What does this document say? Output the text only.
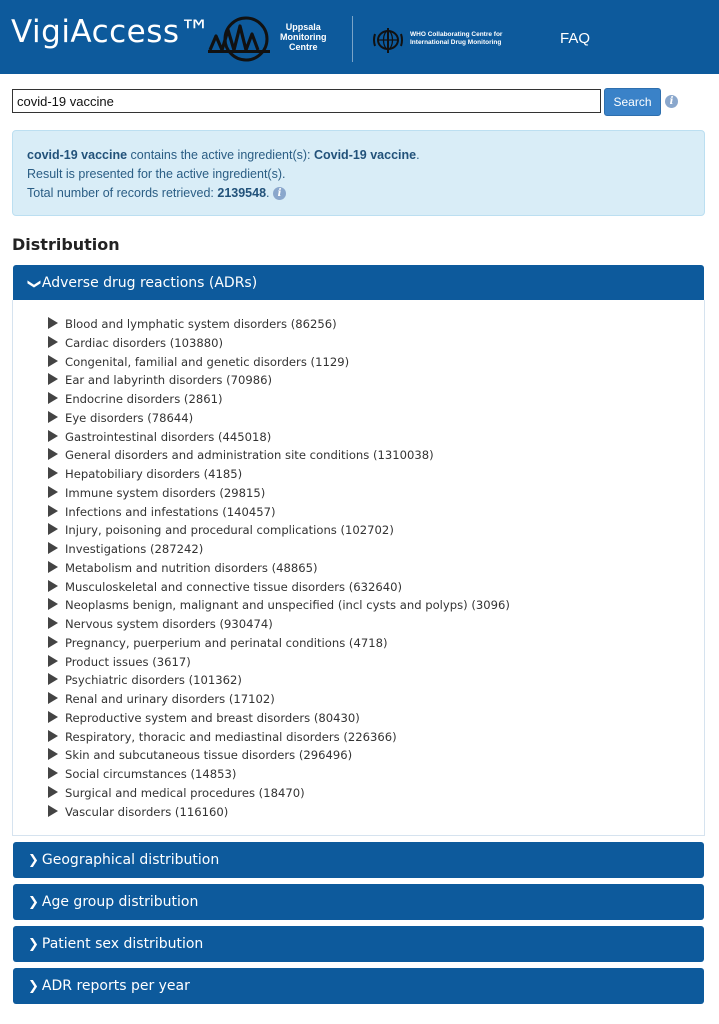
VigiAccess™	Uppsala
Monitoring
Centre
WHO Collaborating Centre for
International Drug Monitoring	FAQ
covid-19 vaccine
Search	i
covid-19 vaccine contains the active ingredient(s): Covid-19 vaccine.
Result is presented for the active ingredient(s).
Total number of records retrieved: 2139548. i
Distribution
❯Adverse drug reactions (ADRs)
Blood and lymphatic system disorders (86256)
Cardiac disorders (103880)
Congenital, familial and genetic disorders (1129)
Ear and labyrinth disorders (70986)
Endocrine disorders (2861)
Eye disorders (78644)
Gastrointestinal disorders (445018)
General disorders and administration site conditions (1310038)
Hepatobiliary disorders (4185)
Immune system disorders (29815)
Infections and infestations (140457)
Injury, poisoning and procedural complications (102702)
Investigations (287242)
Metabolism and nutrition disorders (48865)
Musculoskeletal and connective tissue disorders (632640)
Neoplasms benign, malignant and unspecified (incl cysts and polyps) (3096)
Nervous system disorders (930474)
Pregnancy, puerperium and perinatal conditions (4718)
Product issues (3617)
Psychiatric disorders (101362)
Renal and urinary disorders (17102)
Reproductive system and breast disorders (80430)
Respiratory, thoracic and mediastinal disorders (226366)
Skin and subcutaneous tissue disorders (296496)
Social circumstances (14853)
Surgical and medical procedures (18470)
Vascular disorders (116160)
❯ Geographical distribution
❯ Age group distribution
❯ Patient sex distribution
❯ ADR reports per year
